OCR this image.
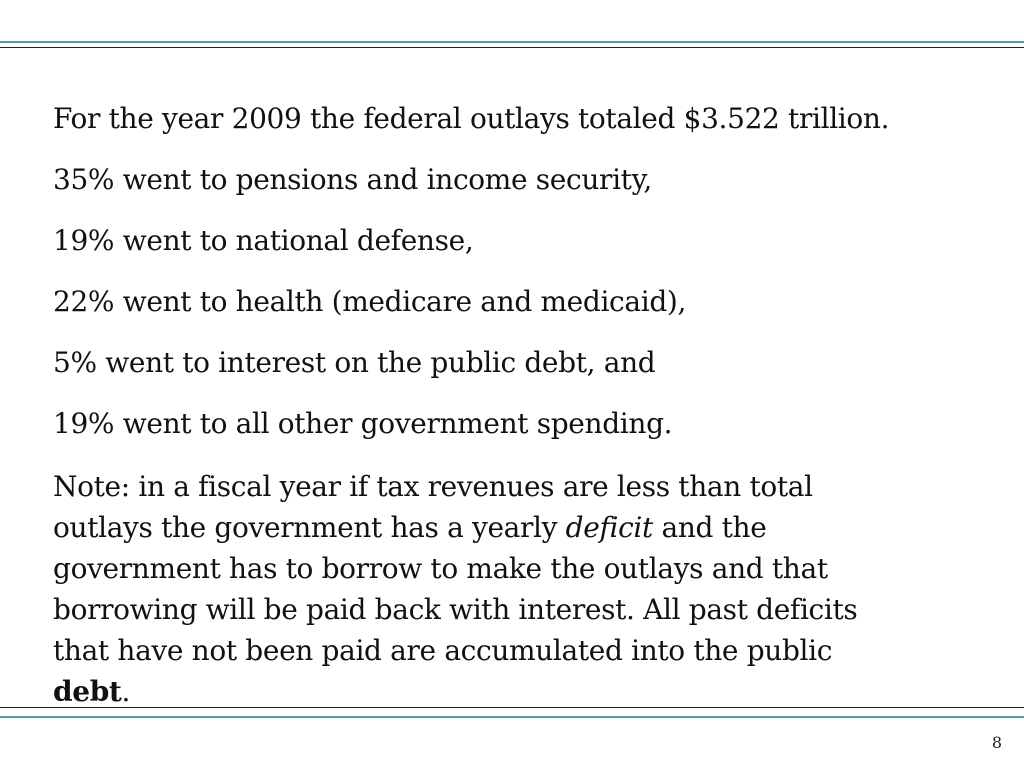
For the year 2009 the federal outlays totaled $3.522 trillion.
35% went to pensions and income security,
19% went to national defense,
22% went to health (medicare and medicaid),
5% went to interest on the public debt, and
19% went to all other government spending.
Note: in a fiscal year if tax revenues are less than total
outlays the government has a yearly deficit and the
government has to borrow to make the outlays and that
borrowing will be paid back with interest. All past deficits
that have not been paid are accumulated into the public
debt.
8
